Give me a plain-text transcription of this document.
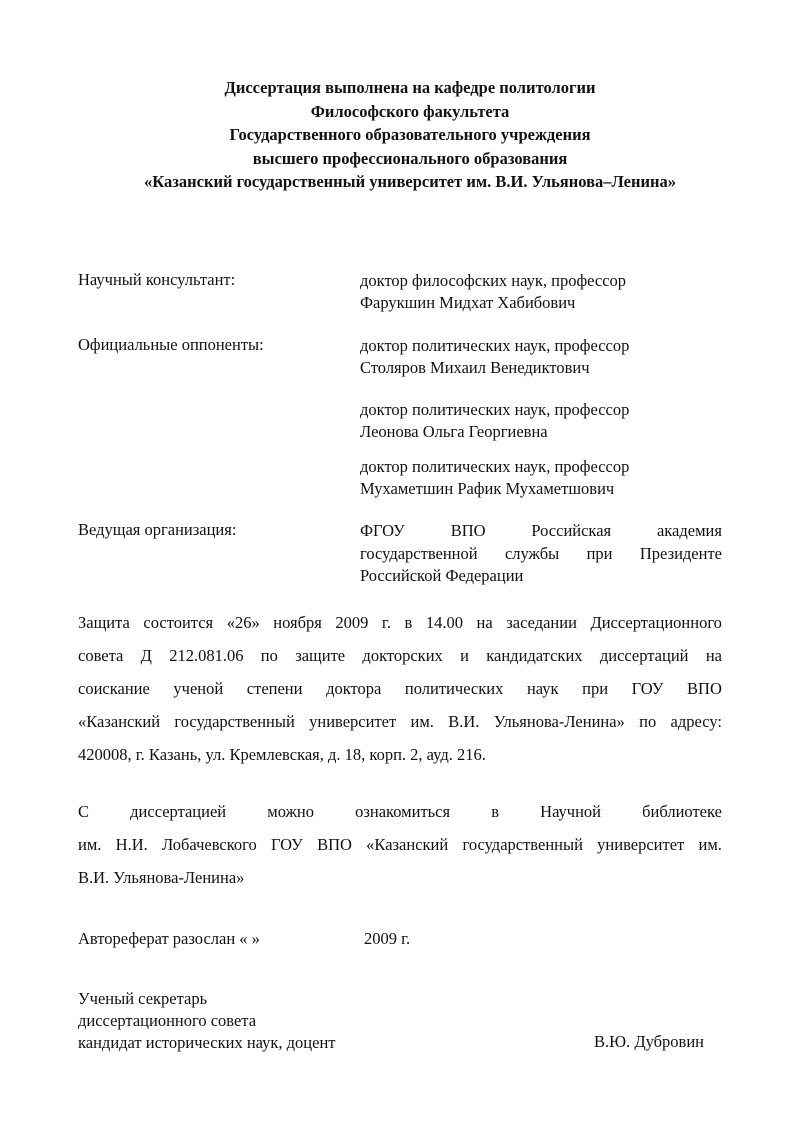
Диссертация выполнена на кафедре политологии
Философского факультета
Государственного образовательного учреждения
высшего профессионального образования
«Казанский государственный университет им. В.И. Ульянова–Ленина»
Научный консультант:	доктор философских наук, профессор
Фарукшин Мидхат Хабибович
Официальные оппоненты:	доктор политических наук, профессор
Столяров Михаил Венедиктович
доктор политических наук, профессор
Леонова Ольга Георгиевна
доктор политических наук, профессор
Мухаметшин Рафик Мухаметшович
Ведущая организация:	ФГОУ	ВПО	Российская	академия
государственной службы при Президенте
Российской Федерации
Защита состоится «26» ноября 2009 г. в 14.00 на заседании Диссертационного
совета Д 212.081.06 по защите докторских и кандидатских диссертаций на
соискание ученой степени доктора политических наук при ГОУ ВПО
«Казанский государственный университет им. В.И. Ульянова-Ленина» по адресу:
420008, г. Казань, ул. Кремлевская, д. 18, корп. 2, ауд. 216.
С диссертацией можно ознакомиться в Научной библиотеке
им. Н.И. Лобачевского ГОУ ВПО «Казанский государственный университет им.
В.И. Ульянова-Ленина»
Автореферат разослан « »	2009 г.
Ученый секретарь
диссертационного совета
кандидат исторических наук, доцент	В.Ю. Дубровин
